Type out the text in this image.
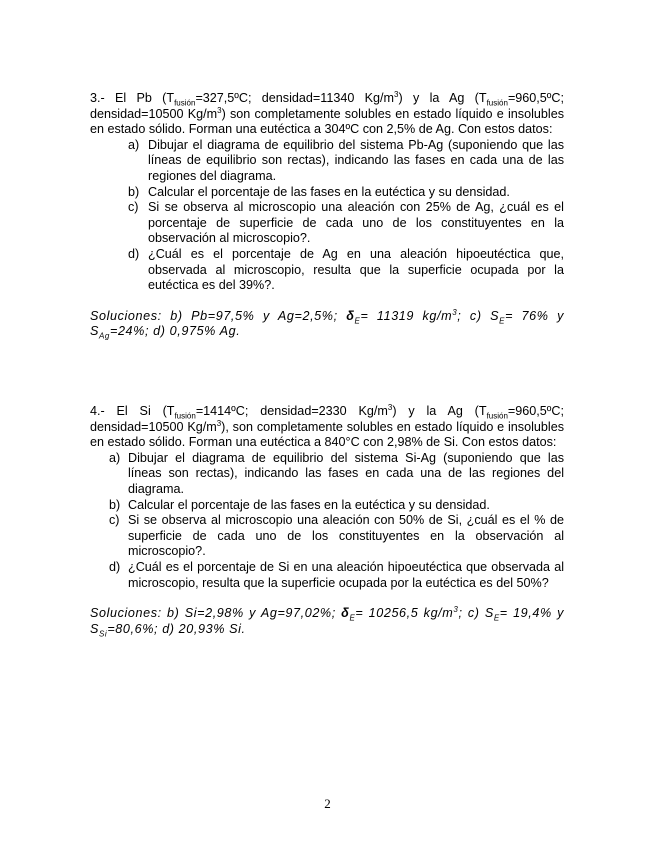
3.- El Pb ($T_{fusión}=327,5ºC$; densidad=11340 $Kg/m^3$) y la Ag ($T_{fusión}=960,5ºC$; densidad=10500 $Kg/m^3$) son completamente solubles en estado líquido e insolubles en estado sólido. Forman una eutéctica a 304ºC con 2,5% de Ag. Con estos datos:

a) Dibujar el diagrama de equilibrio del sistema Pb-Ag (suponiendo que las líneas de equilibrio son rectas), indicando las fases en cada una de las regiones del diagrama.
b) Calcular el porcentaje de las fases en la eutéctica y su densidad.
c) Si se observa al microscopio una aleación con 25% de Ag, ¿cuál es el porcentaje de superficie de cada uno de los constituyentes en la observación al microscopio?.
d) ¿Cuál es el porcentaje de Ag en una aleación hipoeutéctica que, observada al microscopio, resulta que la superficie ocupada por la eutéctica es del 39%?.

Soluciones: b) Pb=97,5% y Ag=2,5%; $\delta_E= 11319$ $kg/m^3$; c) $S_E= 76\%$ y $S_{Ag}=24\%$; d) 0,975% Ag.

4.- El Si ($T_{fusión}=1414ºC$; densidad=2330 $Kg/m^3$) y la Ag ($T_{fusión}=960,5ºC$; densidad=10500 $Kg/m^3$), son completamente solubles en estado líquido e insolubles en estado sólido. Forman una eutéctica a 840°C con 2,98% de Si. Con estos datos:

a) Dibujar el diagrama de equilibrio del sistema Si-Ag (suponiendo que las líneas son rectas), indicando las fases en cada una de las regiones del diagrama.
b) Calcular el porcentaje de las fases en la eutéctica y su densidad.
c) Si se observa al microscopio una aleación con 50% de Si, ¿cuál es el % de superficie de cada uno de los constituyentes en la observación al microscopio?.
d) ¿Cuál es el porcentaje de Si en una aleación hipoeutéctica que observada al microscopio, resulta que la superficie ocupada por la eutéctica es del 50%?

Soluciones: b) Si=2,98% y Ag=97,02%; $\delta_E= 10256,5$ $kg/m^3$; c) $S_E= 19,4\%$ y $S_{Si}=80,6\%$; d) 20,93% Si.

2
